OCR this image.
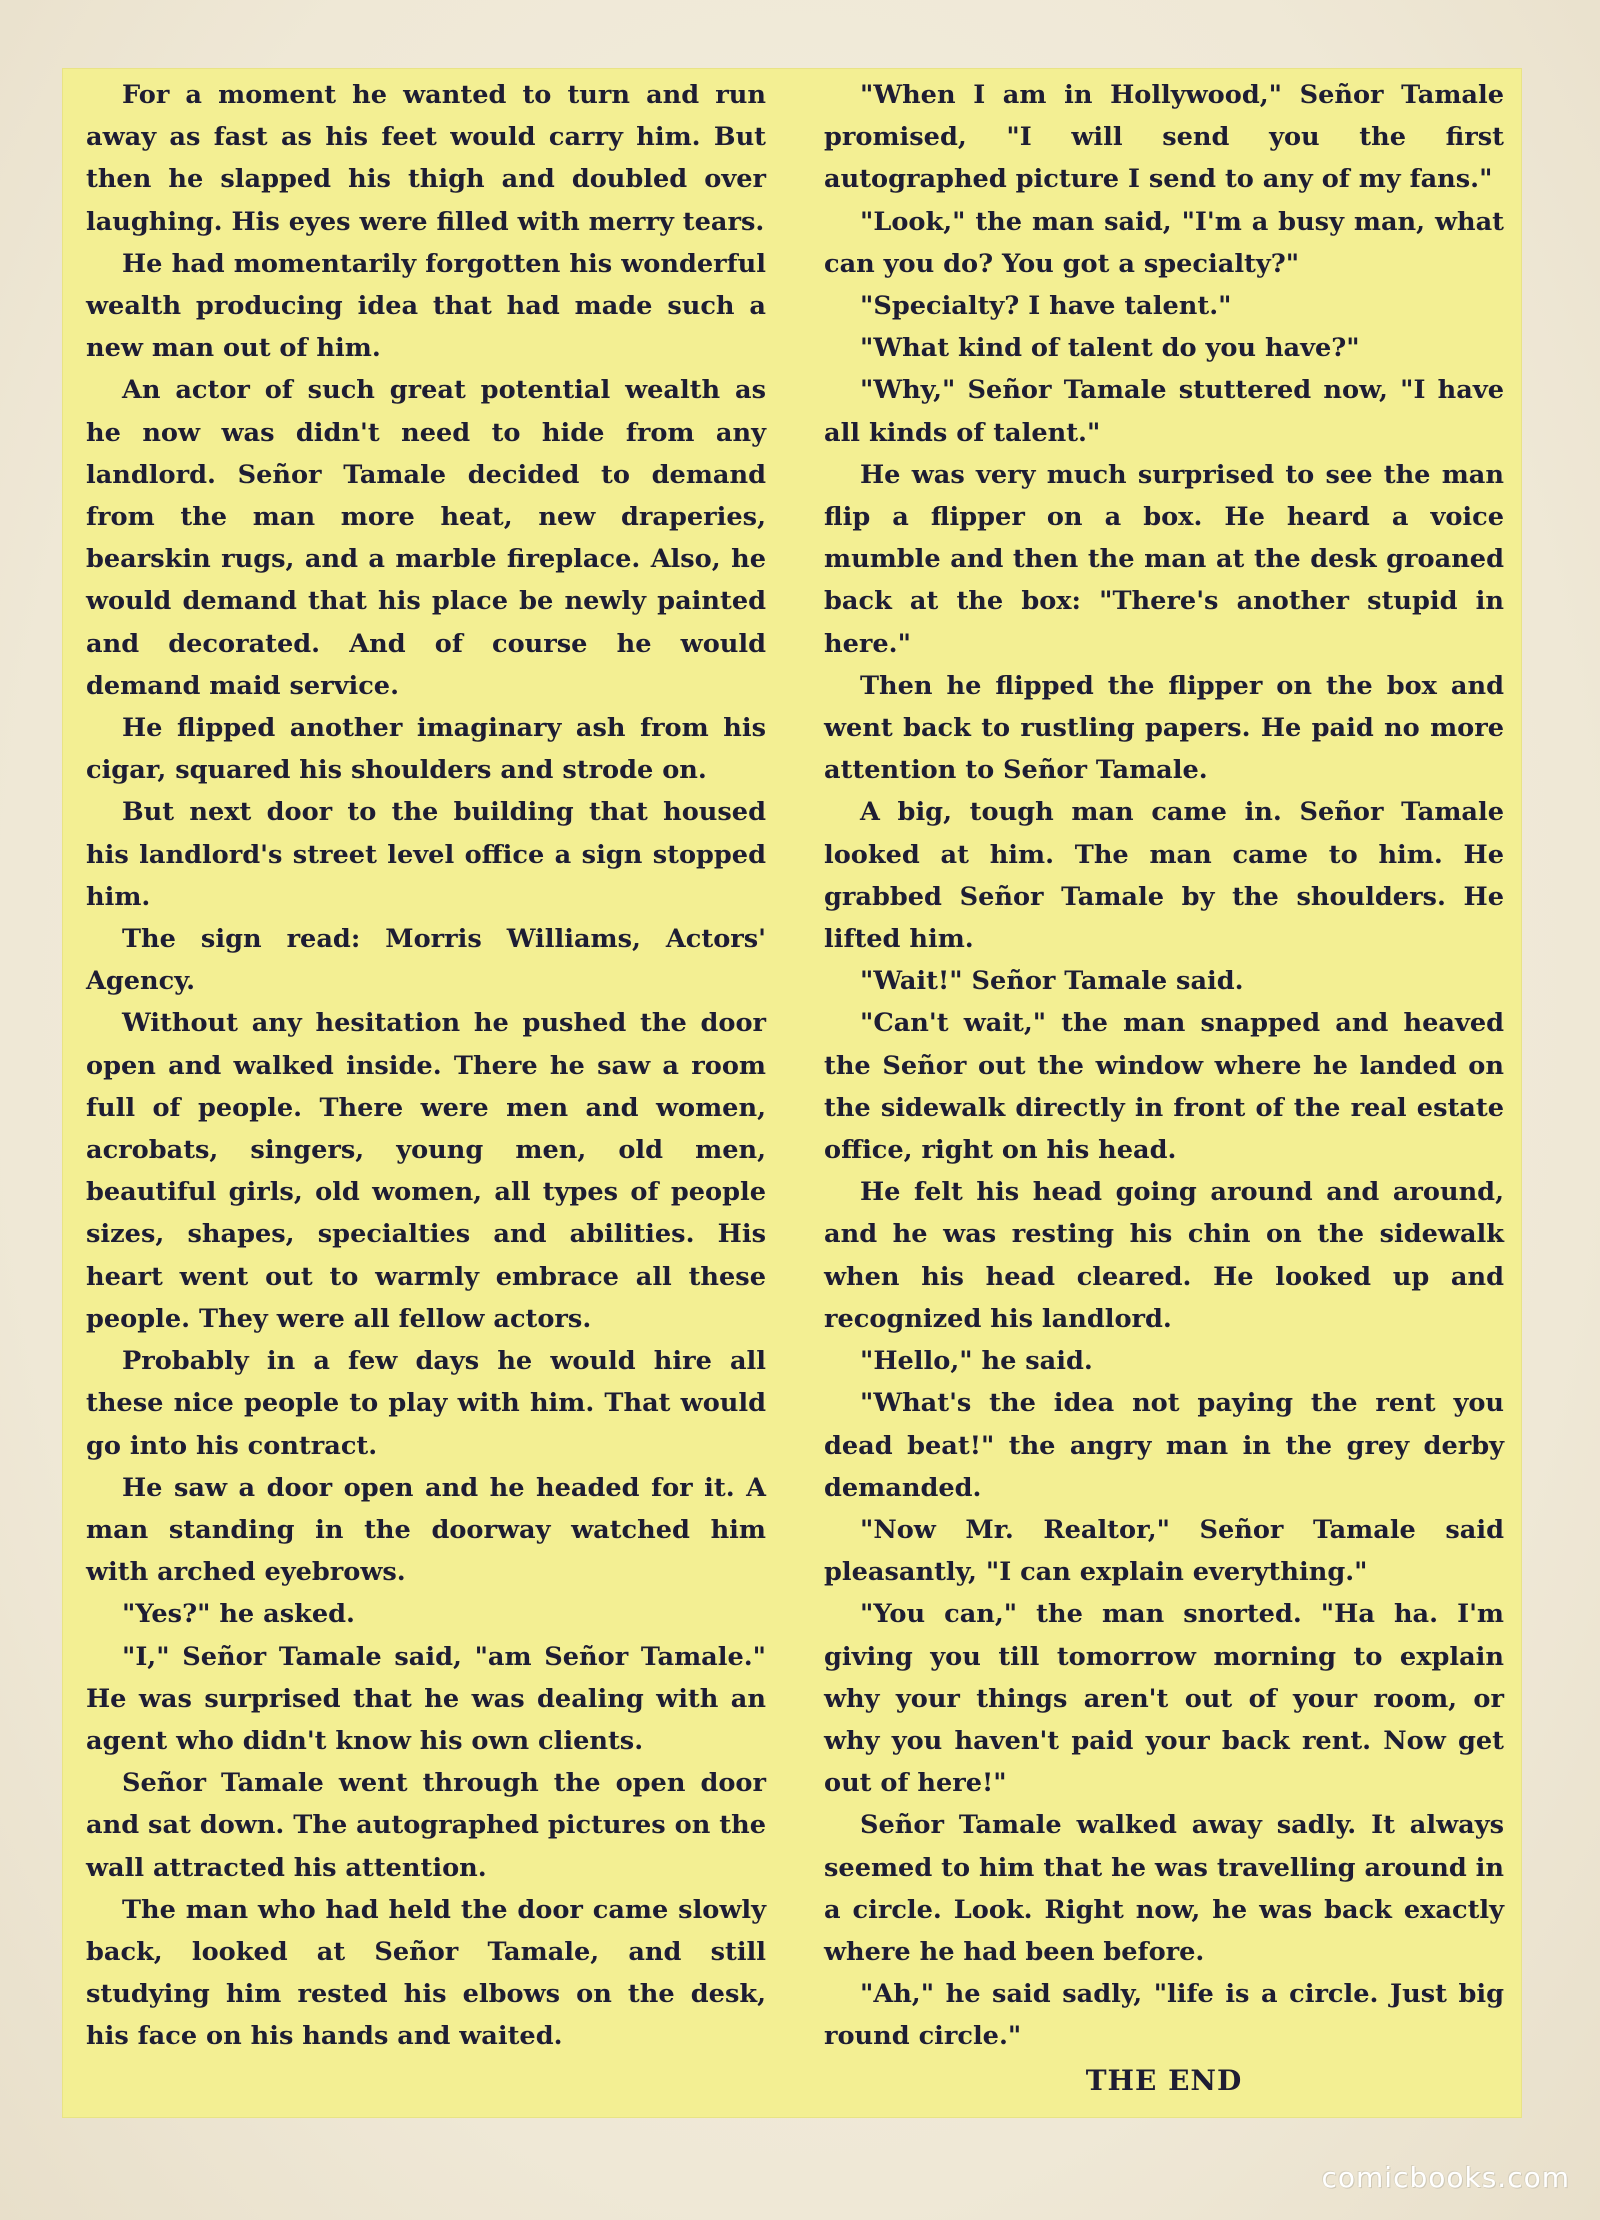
For a moment he wanted to turn and run away as fast as his feet would carry him. But then he slapped his thigh and doubled over laughing. His eyes were filled with merry tears.

He had momentarily forgotten his wonderful wealth producing idea that had made such a new man out of him.

An actor of such great potential wealth as he now was didn't need to hide from any landlord. Señor Tamale decided to demand from the man more heat, new draperies, bearskin rugs, and a marble fireplace. Also, he would demand that his place be newly painted and decorated. And of course he would demand maid service.

He flipped another imaginary ash from his cigar, squared his shoulders and strode on.

But next door to the building that housed his landlord's street level office a sign stopped him.

The sign read: Morris Williams, Actors' Agency.

Without any hesitation he pushed the door open and walked inside. There he saw a room full of people. There were men and women, acrobats, singers, young men, old men, beautiful girls, old women, all types of people sizes, shapes, specialties and abilities. His heart went out to warmly embrace all these people. They were all fellow actors.

Probably in a few days he would hire all these nice people to play with him. That would go into his contract.

He saw a door open and he headed for it. A man standing in the doorway watched him with arched eyebrows.

"Yes?" he asked.

"I," Señor Tamale said, "am Señor Tamale." He was surprised that he was dealing with an agent who didn't know his own clients.

Señor Tamale went through the open door and sat down. The autographed pictures on the wall attracted his attention.

The man who had held the door came slowly back, looked at Señor Tamale, and still studying him rested his elbows on the desk, his face on his hands and waited.

"When I am in Hollywood," Señor Tamale promised, "I will send you the first autographed picture I send to any of my fans."

"Look," the man said, "I'm a busy man, what can you do? You got a specialty?"

"Specialty? I have talent."

"What kind of talent do you have?"

"Why," Señor Tamale stuttered now, "I have all kinds of talent."

He was very much surprised to see the man flip a flipper on a box. He heard a voice mumble and then the man at the desk groaned back at the box: "There's another stupid in here."

Then he flipped the flipper on the box and went back to rustling papers. He paid no more attention to Señor Tamale.

A big, tough man came in. Señor Tamale looked at him. The man came to him. He grabbed Señor Tamale by the shoulders. He lifted him.

"Wait!" Señor Tamale said.

"Can't wait," the man snapped and heaved the Señor out the window where he landed on the sidewalk directly in front of the real estate office, right on his head.

He felt his head going around and around, and he was resting his chin on the sidewalk when his head cleared. He looked up and recognized his landlord.

"Hello," he said.

"What's the idea not paying the rent you dead beat!" the angry man in the grey derby demanded.

"Now Mr. Realtor," Señor Tamale said pleasantly, "I can explain everything."

"You can," the man snorted. "Ha ha. I'm giving you till tomorrow morning to explain why your things aren't out of your room, or why you haven't paid your back rent. Now get out of here!"

Señor Tamale walked away sadly. It always seemed to him that he was travelling around in a circle. Look. Right now, he was back exactly where he had been before.

"Ah," he said sadly, "life is a circle. Just big round circle."

THE END

comicbooks.com
